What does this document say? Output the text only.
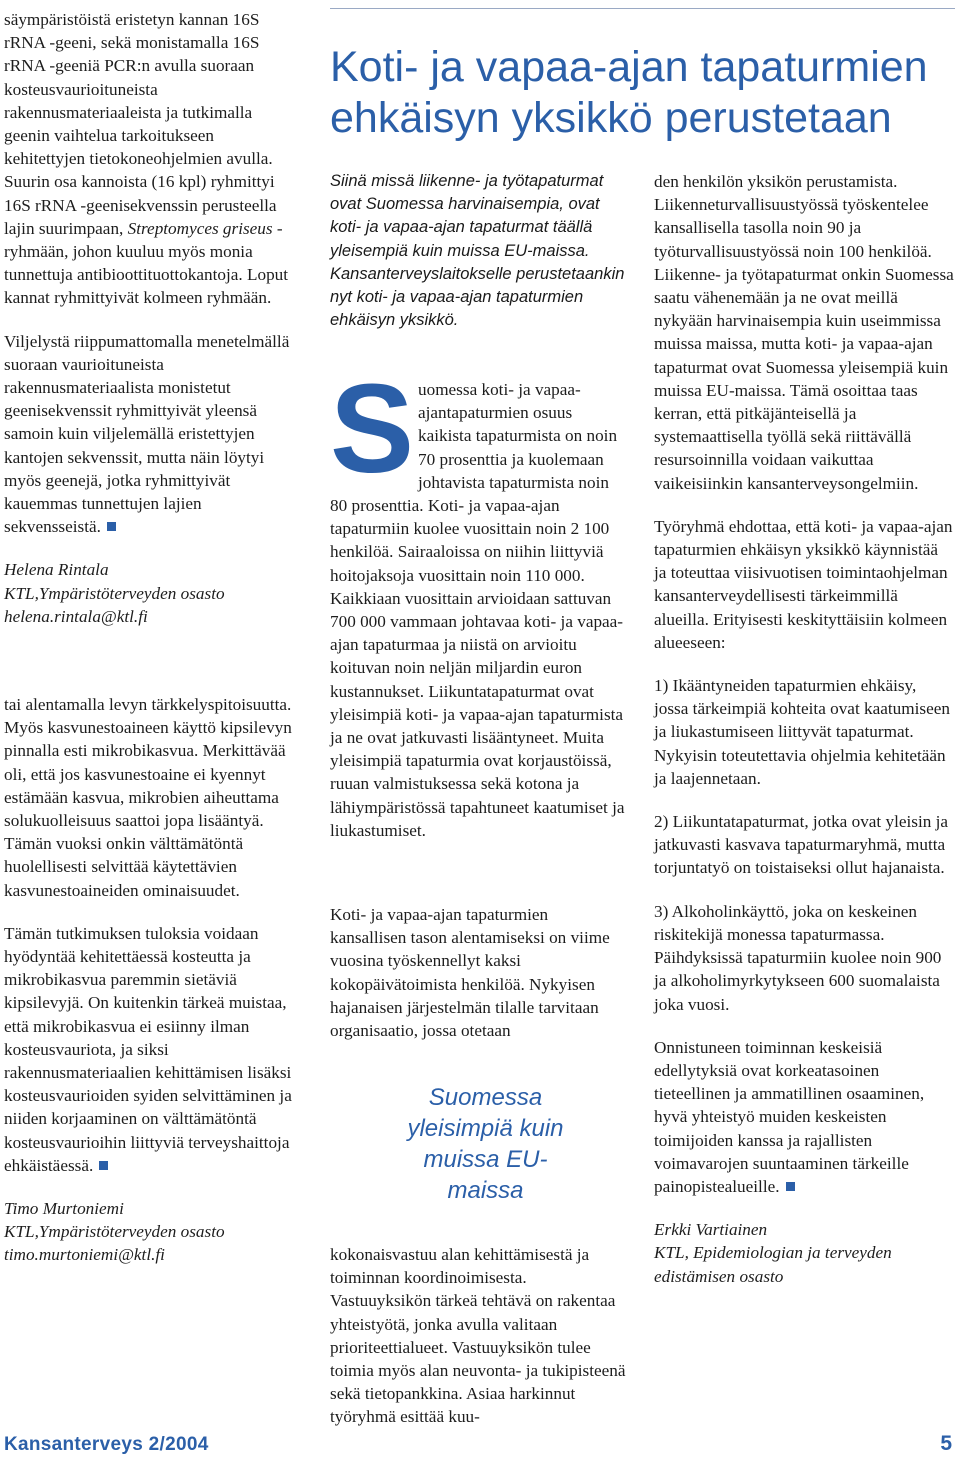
säympäristöistä eristetyn kannan 16S rRNA -geeni, sekä monistamalla 16S rRNA -geeniä PCR:n avulla suoraan kosteusvaurioituneista rakennusmateriaaleista ja tutkimalla geenin vaihtelua tarkoitukseen kehitettyjen tietokoneohjelmien avulla. Suurin osa kannoista (16 kpl) ryhmittyi 16S rRNA -geenisekvenssin perusteella lajin suurimpaan, Streptomyces griseus -ryhmään, johon kuuluu myös monia tunnettuja antibioottituottokantoja. Loput kannat ryhmittyivät kolmeen ryhmään.

Viljelystä riippumattomalla menetelmällä suoraan vaurioituneista rakennusmateriaalista monistetut geenisekvenssit ryhmittyivät yleensä samoin kuin viljelemällä eristettyjen kantojen sekvenssit, mutta näin löytyi myös geenejä, jotka ryhmittyivät kauemmas tunnettujen lajien sekvensseistä.

Helena Rintala
KTL,Ympäristöterveyden osasto
helena.rintala@ktl.fi

tai alentamalla levyn tärkkelyspitoisuutta. Myös kasvunestoaineen käyttö kipsilevyn pinnalla esti mikrobikasvua. Merkittävää oli, että jos kasvunestoaine ei kyennyt estämään kasvua, mikrobien aiheuttama solukuolleisuus saattoi jopa lisääntyä. Tämän vuoksi onkin välttämätöntä huolellisesti selvittää käytettävien kasvunestoaineiden ominaisuudet.

Tämän tutkimuksen tuloksia voidaan hyödyntää kehitettäessä kosteutta ja mikrobikasvua paremmin sietäviä kipsilevyjä. On kuitenkin tärkeä muistaa, että mikrobikasvua ei esiinny ilman kosteusvauriota, ja siksi rakennusmateriaalien kehittämisen lisäksi kosteusvaurioiden syiden selvittäminen ja niiden korjaaminen on välttämätöntä kosteusvaurioihin liittyviä terveyshaittoja ehkäistäessä.

Timo Murtoniemi
KTL,Ympäristöterveyden osasto
timo.murtoniemi@ktl.fi
Koti- ja vapaa-ajan tapaturmien ehkäisyn yksikkö perustetaan

Siinä missä liikenne- ja työtapaturmat ovat Suomessa harvinaisempia, ovat koti- ja vapaa-ajan tapaturmat täällä yleisempiä kuin muissa EU-maissa. Kansanterveyslaitokselle perustetaankin nyt koti- ja vapaa-ajan tapaturmien ehkäisyn yksikkö.

Suomessa koti- ja vapaa-ajantapaturmien osuus kaikista tapaturmista on noin 70 prosenttia ja kuolemaan johtavista tapaturmista noin 80 prosenttia. Koti- ja vapaa-ajan tapaturmiin kuolee vuosittain noin 2 100 henkilöä. Sairaaloissa on niihin liittyviä hoitojaksoja vuosittain noin 110 000. Kaikkiaan vuosittain arvioidaan sattuvan 700 000 vammaan johtavaa koti- ja vapaa-ajan tapaturmaa ja niistä on arvioitu koituvan noin neljän miljardin euron kustannukset. Liikuntatapaturmat ovat yleisimpiä koti- ja vapaa-ajan tapaturmista ja ne ovat jatkuvasti lisääntyneet. Muita yleisimpiä tapaturmia ovat korjaustöissä, ruuan valmistuksessa sekä kotona ja lähiympäristössä tapahtuneet kaatumiset ja liukastumiset.

Koti- ja vapaa-ajan tapaturmien kansallisen tason alentamiseksi on viime vuosina työskennellyt kaksi kokopäivätoimista henkilöä. Nykyisen hajanaisen järjestelmän tilalle tarvitaan organisaatio, jossa otetaan

Suomessa yleisimpiä kuin muissa EU-maissa

kokonaisvastuu alan kehittämisestä ja toiminnan koordinoimisesta. Vastuuyksikön tärkeä tehtävä on rakentaa yhteistyötä, jonka avulla valitaan prioriteettialueet. Vastuuyksikön tulee toimia myös alan neuvonta- ja tukipisteenä sekä tietopankkina. Asiaa harkinnut työryhmä esittää kuu-

den henkilön yksikön perustamista. Liikenneturvallisuustyössä työskentelee kansallisella tasolla noin 90 ja työturvallisuustyössä noin 100 henkilöä. Liikenne- ja työtapaturmat onkin Suomessa saatu vähenemään ja ne ovat meillä nykyään harvinaisempia kuin useimmissa muissa maissa, mutta koti- ja vapaa-ajan tapaturmat ovat Suomessa yleisempiä kuin muissa EU-maissa. Tämä osoittaa taas kerran, että pitkäjänteisellä ja systemaattisella työllä sekä riittävällä resursoinnilla voidaan vaikuttaa vaikeisiinkin kansanterveysongelmiin.

Työryhmä ehdottaa, että koti- ja vapaa-ajan tapaturmien ehkäisyn yksikkö käynnistää ja toteuttaa viisivuotisen toimintaohjelman kansanterveydellisesti tärkeimmillä alueilla. Erityisesti keskityttäisiin kolmeen alueeseen:

1) Ikääntyneiden tapaturmien ehkäisy, jossa tärkeimpiä kohteita ovat kaatumiseen ja liukastumiseen liittyvät tapaturmat. Nykyisin toteutettavia ohjelmia kehitetään ja laajennetaan.

2) Liikuntatapaturmat, jotka ovat yleisin ja jatkuvasti kasvava tapaturmaryhmä, mutta torjuntatyö on toistaiseksi ollut hajanaista.

3) Alkoholinkäyttö, joka on keskeinen riskitekijä monessa tapaturmassa. Päihdyksissä tapaturmiin kuolee noin 900 ja alkoholimyrkytykseen 600 suomalaista joka vuosi.

Onnistuneen toiminnan keskeisiä edellytyksiä ovat korkeatasoinen tieteellinen ja ammatillinen osaaminen, hyvä yhteistyö muiden keskeisten toimijoiden kanssa ja rajallisten voimavarojen suuntaaminen tärkeille painopistealueille.

Erkki Vartiainen
KTL, Epidemiologian ja terveyden edistämisen osasto
Kansanterveys 2/2004	5
